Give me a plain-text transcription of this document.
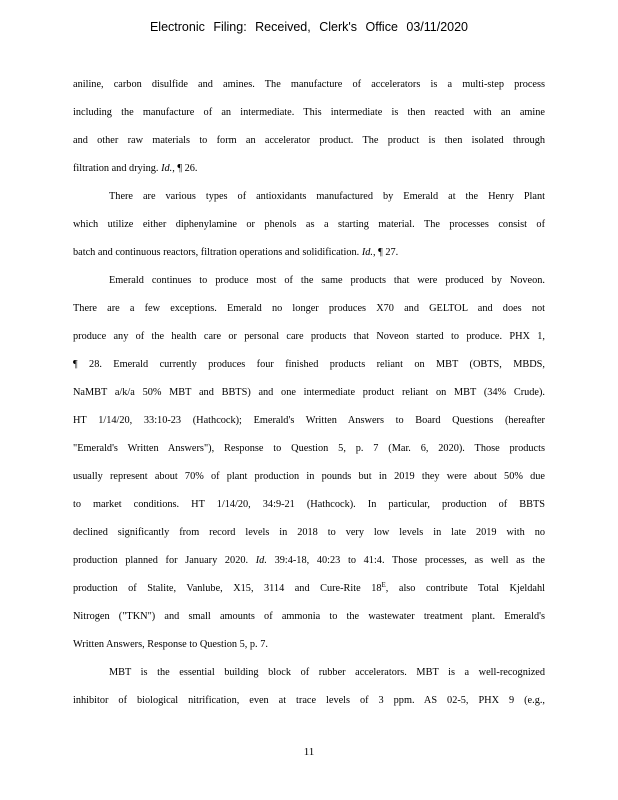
Electronic Filing: Received, Clerk's Office 03/11/2020
aniline, carbon disulfide and amines. The manufacture of accelerators is a multi-step process
including the manufacture of an intermediate. This intermediate is then reacted with an amine
and other raw materials to form an accelerator product. The product is then isolated through
filtration and drying. Id., ¶ 26.
There are various types of antioxidants manufactured by Emerald at the Henry Plant
which utilize either diphenylamine or phenols as a starting material. The processes consist of
batch and continuous reactors, filtration operations and solidification. Id., ¶ 27.
Emerald continues to produce most of the same products that were produced by Noveon.
There are a few exceptions. Emerald no longer produces X70 and GELTOL and does not
produce any of the health care or personal care products that Noveon started to produce. PHX 1,
¶ 28. Emerald currently produces four finished products reliant on MBT (OBTS, MBDS,
NaMBT a/k/a 50% MBT and BBTS) and one intermediate product reliant on MBT (34% Crude).
HT 1/14/20, 33:10-23 (Hathcock); Emerald's Written Answers to Board Questions (hereafter
"Emerald's Written Answers"), Response to Question 5, p. 7 (Mar. 6, 2020). Those products
usually represent about 70% of plant production in pounds but in 2019 they were about 50% due
to market conditions. HT 1/14/20, 34:9-21 (Hathcock). In particular, production of BBTS
declined significantly from record levels in 2018 to very low levels in late 2019 with no
production planned for January 2020. Id. 39:4-18, 40:23 to 41:4. Those processes, as well as the
production of Stalite, Vanlube, X15, 3114 and Cure-Rite $18^E$, also contribute Total Kjeldahl
Nitrogen ("TKN") and small amounts of ammonia to the wastewater treatment plant. Emerald's
Written Answers, Response to Question 5, p. 7.
MBT is the essential building block of rubber accelerators. MBT is a well-recognized
inhibitor of biological nitrification, even at trace levels of 3 ppm. AS 02-5, PHX 9 (e.g.,
11
